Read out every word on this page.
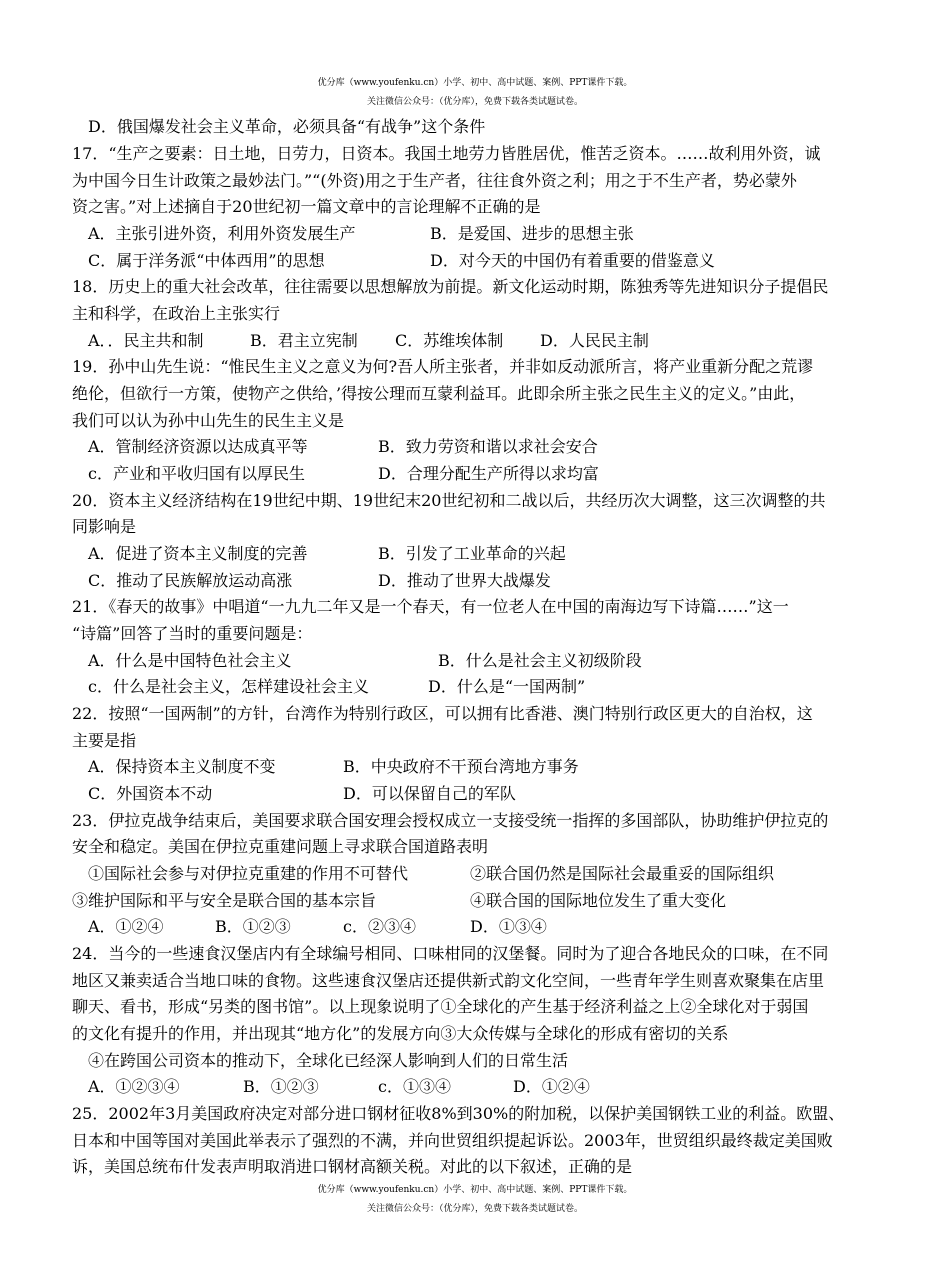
优分库（www.youfenku.cn）小学、初中、高中试题、案例、PPT课件下载。
关注微信公众号：（优分库），免费下载各类试题试卷。
D．俄国爆发社会主义革命，必须具备“有战争”这个条件
17．“生产之要素：日土地，日劳力，日资本。我国土地劳力皆胜居优，惟苦乏资本。……故利用外资，诚
为中国今日生计政策之最妙法门。”“(外资)用之于生产者，往往食外资之利；用之于不生产者，势必蒙外
资之害。”对上述摘自于20世纪初一篇文章中的言论理解不正确的是
A．主张引进外资，利用外资发展生产	B．是爱国、进步的思想主张
C．属于洋务派“中体西用”的思想	D．对今天的中国仍有着重要的借鉴意义
18．历史上的重大社会改革，往往需要以思想解放为前提。新文化运动时期，陈独秀等先进知识分子提倡民
主和科学，在政治上主张实行
A．．民主共和制	B．君主立宪制 C．苏维埃体制 D．人民民主制
19．孙中山先生说：“惟民生主义之意义为何?吾人所主张者，并非如反动派所言，将产业重新分配之荒谬
绝伦，但欲行一方策，使物产之供给，’得按公理而互蒙利益耳。此即余所主张之民生主义的定义。”由此，
我们可以认为孙中山先生的民生主义是
A．管制经济资源以达成真平等	B．致力劳资和谐以求社会安合
c．产业和平收归国有以厚民生	D．合理分配生产所得以求均富
20．资本主义经济结构在19世纪中期、19世纪末20世纪初和二战以后，共经历次大调整，这三次调整的共
同影响是
A．促进了资本主义制度的完善	B．引发了工业革命的兴起
C．推动了民族解放运动高涨	D．推动了世界大战爆发
21．《春天的故事》中唱道“一九九二年又是一个春天，有一位老人在中国的南海边写下诗篇……”这一
“诗篇”回答了当时的重要问题是：
A．什么是中国特色社会主义	B．什么是社会主义初级阶段
c．什么是社会主义，怎样建设社会主义	D．什么是“一国两制”
22．按照“一国两制”的方针，台湾作为特别行政区，可以拥有比香港、澳门特别行政区更大的自治权，这
主要是指
A．保持资本主义制度不变	B．中央政府不干预台湾地方事务
C．外国资本不动	D．可以保留自己的军队
23．伊拉克战争结束后，美国要求联合国安理会授权成立一支接受统一指挥的多国部队，协助维护伊拉克的
安全和稳定。美国在伊拉克重建问题上寻求联合国道路表明
①国际社会参与对伊拉克重建的作用不可替代	②联合国仍然是国际社会最重妥的国际组织
③维护国际和平与安全是联合国的基本宗旨	④联合国的国际地位发生了重大变化
A．①②④	B．①②③	c．②③④	D．①③④
24．当今的一些速食汉堡店内有全球编号相同、口味柑同的汉堡餐。同时为了迎合各地民众的口味，在不同
地区又兼卖适合当地口味的食物。这些速食汉堡店还提供新式韵文化空间，一些青年学生则喜欢聚集在店里
聊天、看书，形成“另类的图书馆”。以上现象说明了①全球化的产生基于经济利益之上②全球化对于弱国
的文化有提升的作用，并出现其“地方化”的发展方向③大众传媒与全球化的形成有密切的关系
④在跨国公司资本的推动下，全球化已经深人影响到人们的日常生活
A．①②③④	B．①②③	c．①③④	D．①②④
25．2002年3月美国政府决定对部分进口钢材征收8%到30%的附加税，以保护美国钢铁工业的利益。欧盟、
日本和中国等国对美国此举表示了强烈的不满，并向世贸组织提起诉讼。2003年，世贸组织最终裁定美国败
诉，美国总统布什发表声明取消进口钢材高额关税。对此的以下叙述，正确的是
优分库（www.youfenku.cn）小学、初中、高中试题、案例、PPT课件下载。
关注微信公众号：（优分库），免费下载各类试题试卷。
